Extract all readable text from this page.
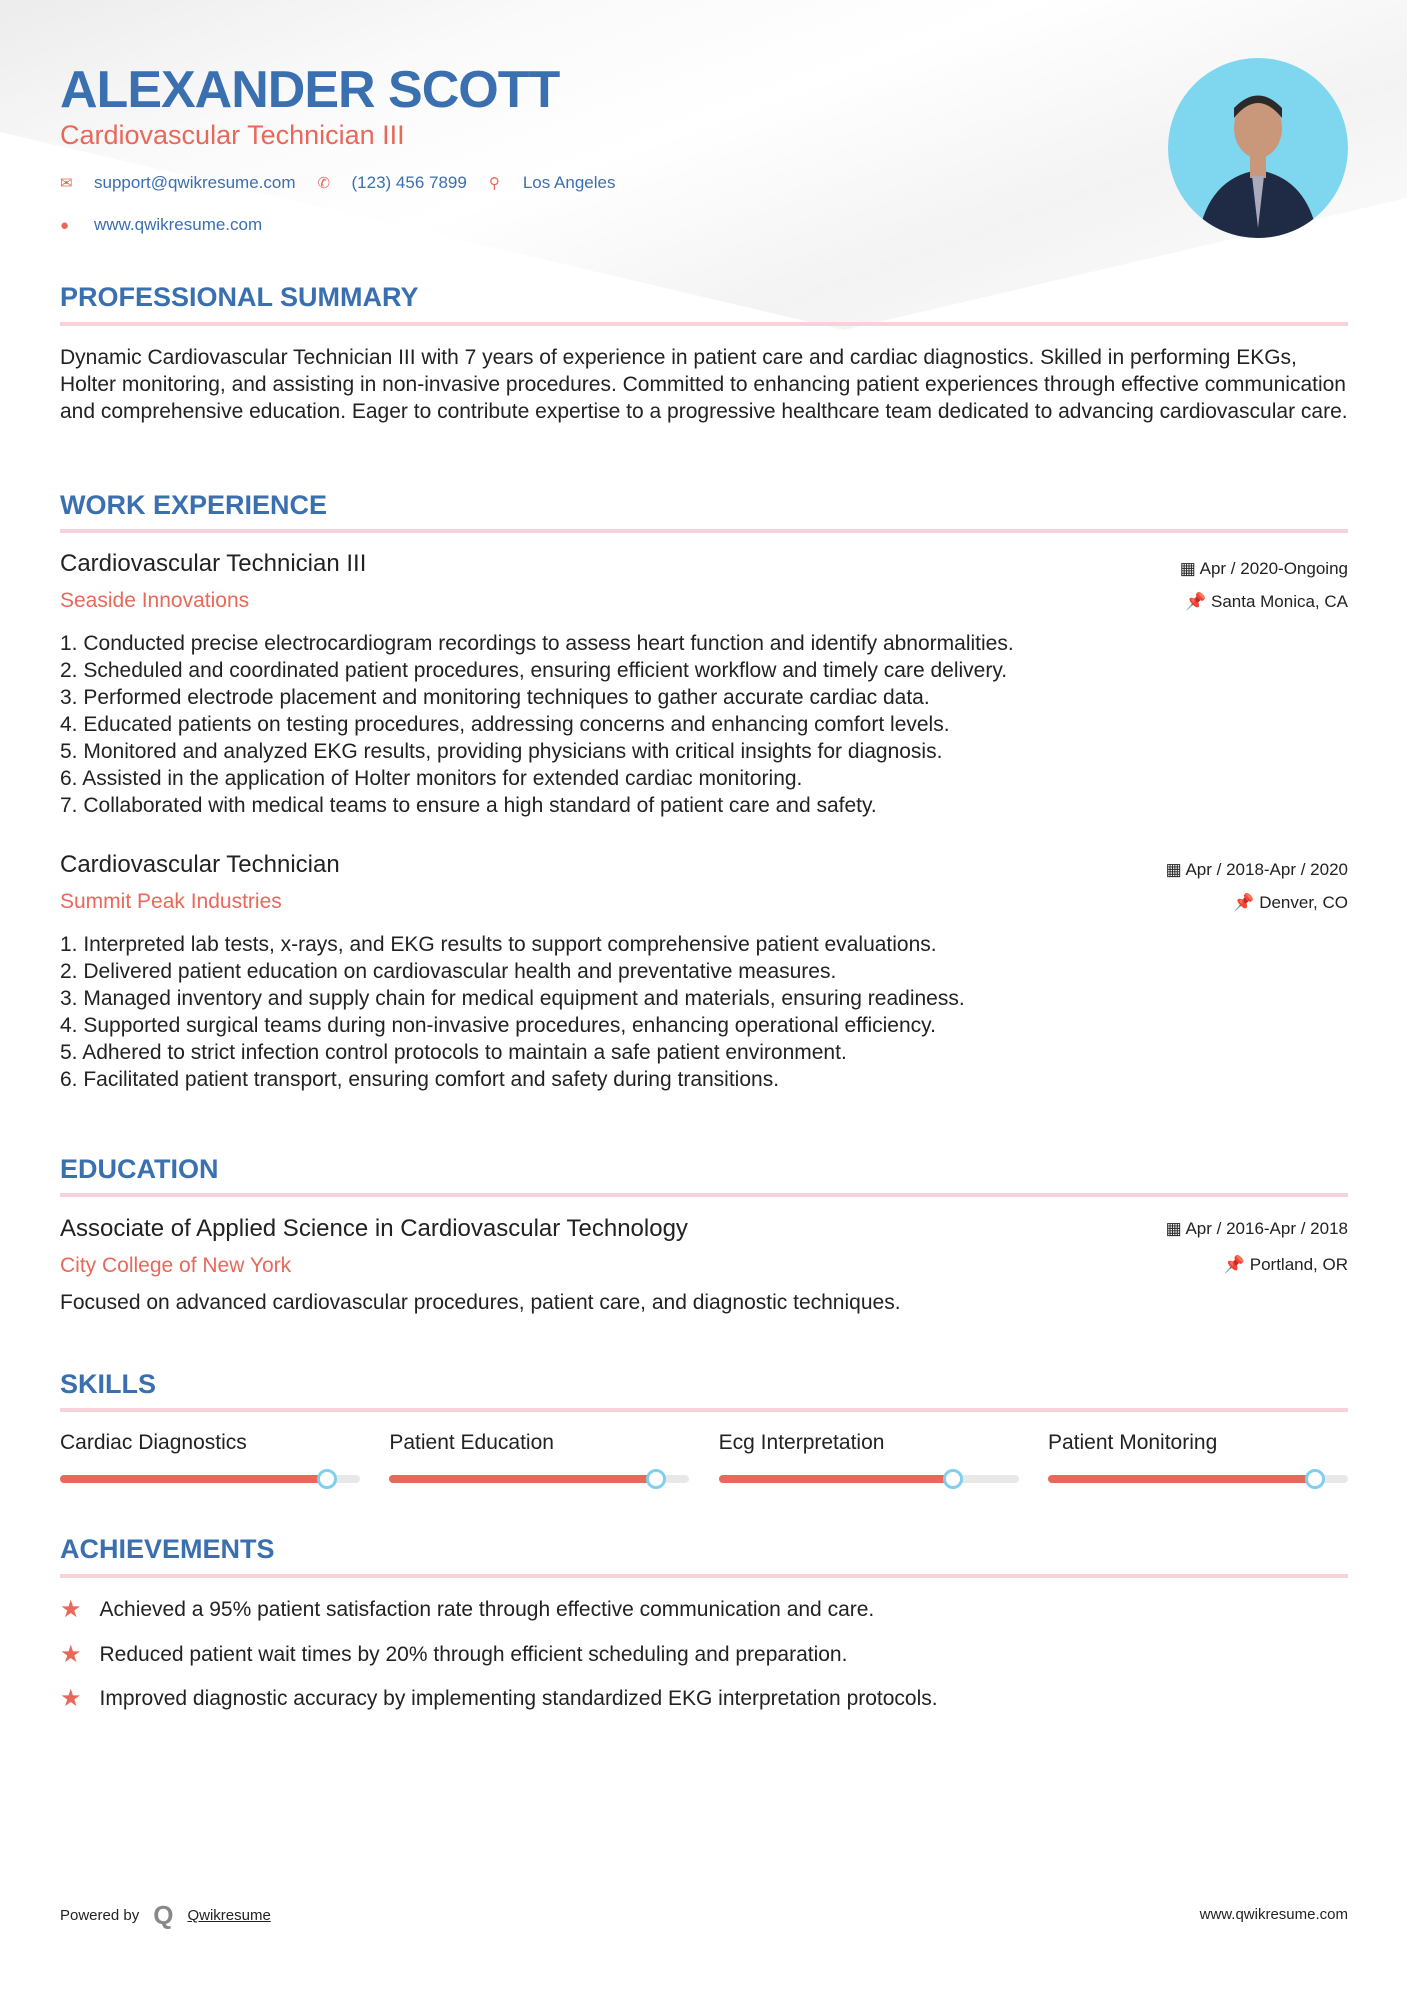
ALEXANDER SCOTT
Cardiovascular Technician III
✉	support@qwikresume.com ✆	(123) 456 7899 ⚲	Los Angeles
●	www.qwikresume.com
PROFESSIONAL SUMMARY
Dynamic Cardiovascular Technician III with 7 years of experience in patient care and cardiac diagnostics. Skilled in performing EKGs, Holter monitoring, and assisting in non-invasive procedures. Committed to enhancing patient experiences through effective communication and comprehensive education. Eager to contribute expertise to a progressive healthcare team dedicated to advancing cardiovascular care.
WORK EXPERIENCE
Cardiovascular Technician III
Seaside Innovations
▦ Apr / 2020-Ongoing
📌 Santa Monica, CA
1. Conducted precise electrocardiogram recordings to assess heart function and identify abnormalities.
2. Scheduled and coordinated patient procedures, ensuring efficient workflow and timely care delivery.
3. Performed electrode placement and monitoring techniques to gather accurate cardiac data.
4. Educated patients on testing procedures, addressing concerns and enhancing comfort levels.
5. Monitored and analyzed EKG results, providing physicians with critical insights for diagnosis.
6. Assisted in the application of Holter monitors for extended cardiac monitoring.
7. Collaborated with medical teams to ensure a high standard of patient care and safety.
Cardiovascular Technician
Summit Peak Industries
▦ Apr / 2018-Apr / 2020
📌 Denver, CO
1. Interpreted lab tests, x-rays, and EKG results to support comprehensive patient evaluations.
2. Delivered patient education on cardiovascular health and preventative measures.
3. Managed inventory and supply chain for medical equipment and materials, ensuring readiness.
4. Supported surgical teams during non-invasive procedures, enhancing operational efficiency.
5. Adhered to strict infection control protocols to maintain a safe patient environment.
6. Facilitated patient transport, ensuring comfort and safety during transitions.
EDUCATION
Associate of Applied Science in Cardiovascular Technology
City College of New York
▦ Apr / 2016-Apr / 2018
📌 Portland, OR
Focused on advanced cardiovascular procedures, patient care, and diagnostic techniques.
SKILLS
Cardiac Diagnostics	Patient Education	Ecg Interpretation	Patient Monitoring
ACHIEVEMENTS
★ Achieved a 95% patient satisfaction rate through effective communication and care.
★ Reduced patient wait times by 20% through efficient scheduling and preparation.
★ Improved diagnostic accuracy by implementing standardized EKG interpretation protocols.
Powered by Q Qwikresume	www.qwikresume.com
